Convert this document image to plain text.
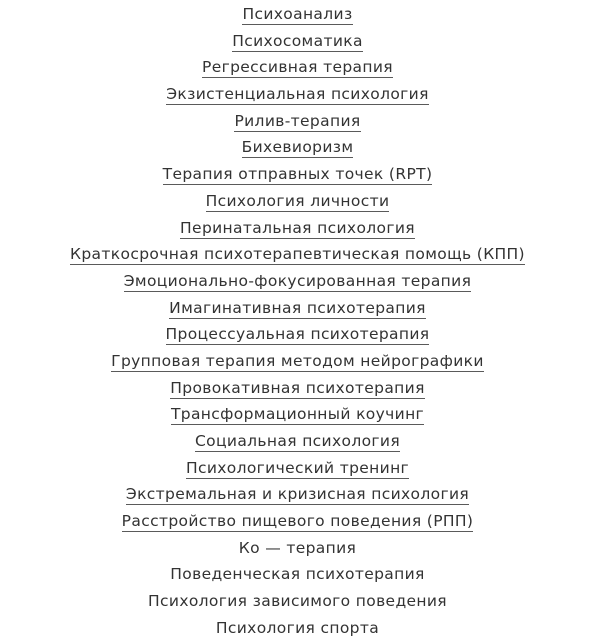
Психоанализ
Психосоматика
Регрессивная терапия
Экзистенциальная психология
Рилив-терапия
Бихевиоризм
Терапия отправных точек (RPT)
Психология личности
Перинатальная психология
Краткосрочная психотерапевтическая помощь (КПП)
Эмоционально-фокусированная терапия
Имагинативная психотерапия
Процессуальная психотерапия
Групповая терапия методом нейрографики
Провокативная психотерапия
Трансформационный коучинг
Социальная психология
Психологический тренинг
Экстремальная и кризисная психология
Расстройство пищевого поведения (РПП)
Ко — терапия
Поведенческая психотерапия
Психология зависимого поведения
Психология спорта
